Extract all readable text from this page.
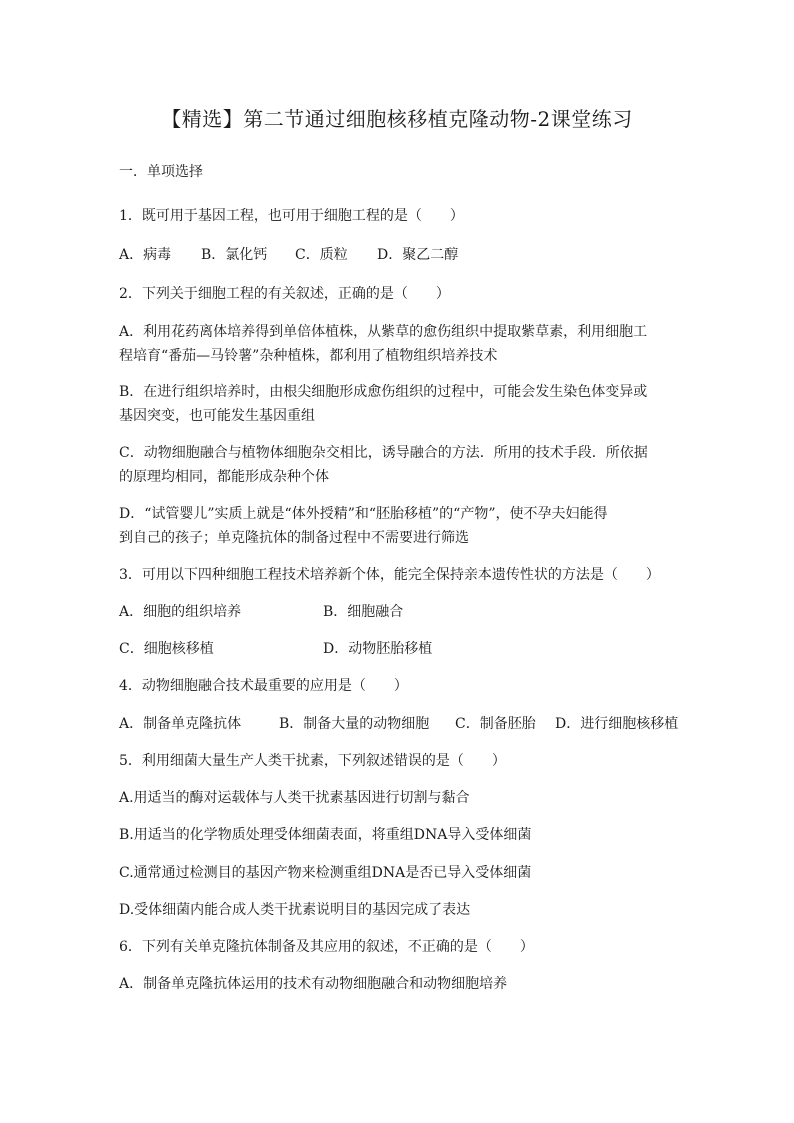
【精选】第二节通过细胞核移植克隆动物-2课堂练习
一．单项选择
1．既可用于基因工程，也可用于细胞工程的是（　　）
A．病毒 B．氯化钙 C．质粒 D．聚乙二醇
2．下列关于细胞工程的有关叙述，正确的是（　　）
A．利用花药离体培养得到单倍体植株，从紫草的愈伤组织中提取紫草素，利用细胞工
程培育“番茄—马铃薯”杂种植株，都利用了植物组织培养技术
B．在进行组织培养时，由根尖细胞形成愈伤组织的过程中，可能会发生染色体变异或
基因突变，也可能发生基因重组
C．动物细胞融合与植物体细胞杂交相比，诱导融合的方法．所用的技术手段．所依据
的原理均相同，都能形成杂种个体
D．“试管婴儿”实质上就是“体外授精”和“胚胎移植”的“产物”，使不孕夫妇能得
到自己的孩子；单克隆抗体的制备过程中不需要进行筛选
3．可用以下四种细胞工程技术培养新个体，能完全保持亲本遗传性状的方法是（　　）
A．细胞的组织培养	B．细胞融合
C．细胞核移植	D．动物胚胎移植
4．动物细胞融合技术最重要的应用是（　　）
A．制备单克隆抗体	B．制备大量的动物细胞 C．制备胚胎 D．进行细胞核移植
5．利用细菌大量生产人类干扰素，下列叙述错误的是（　　）
A.用适当的酶对运载体与人类干扰素基因进行切割与黏合
B.用适当的化学物质处理受体细菌表面，将重组DNA导入受体细菌
C.通常通过检测目的基因产物来检测重组DNA是否已导入受体细菌
D.受体细菌内能合成人类干扰素说明目的基因完成了表达
6．下列有关单克隆抗体制备及其应用的叙述，不正确的是（　　）
A．制备单克隆抗体运用的技术有动物细胞融合和动物细胞培养
